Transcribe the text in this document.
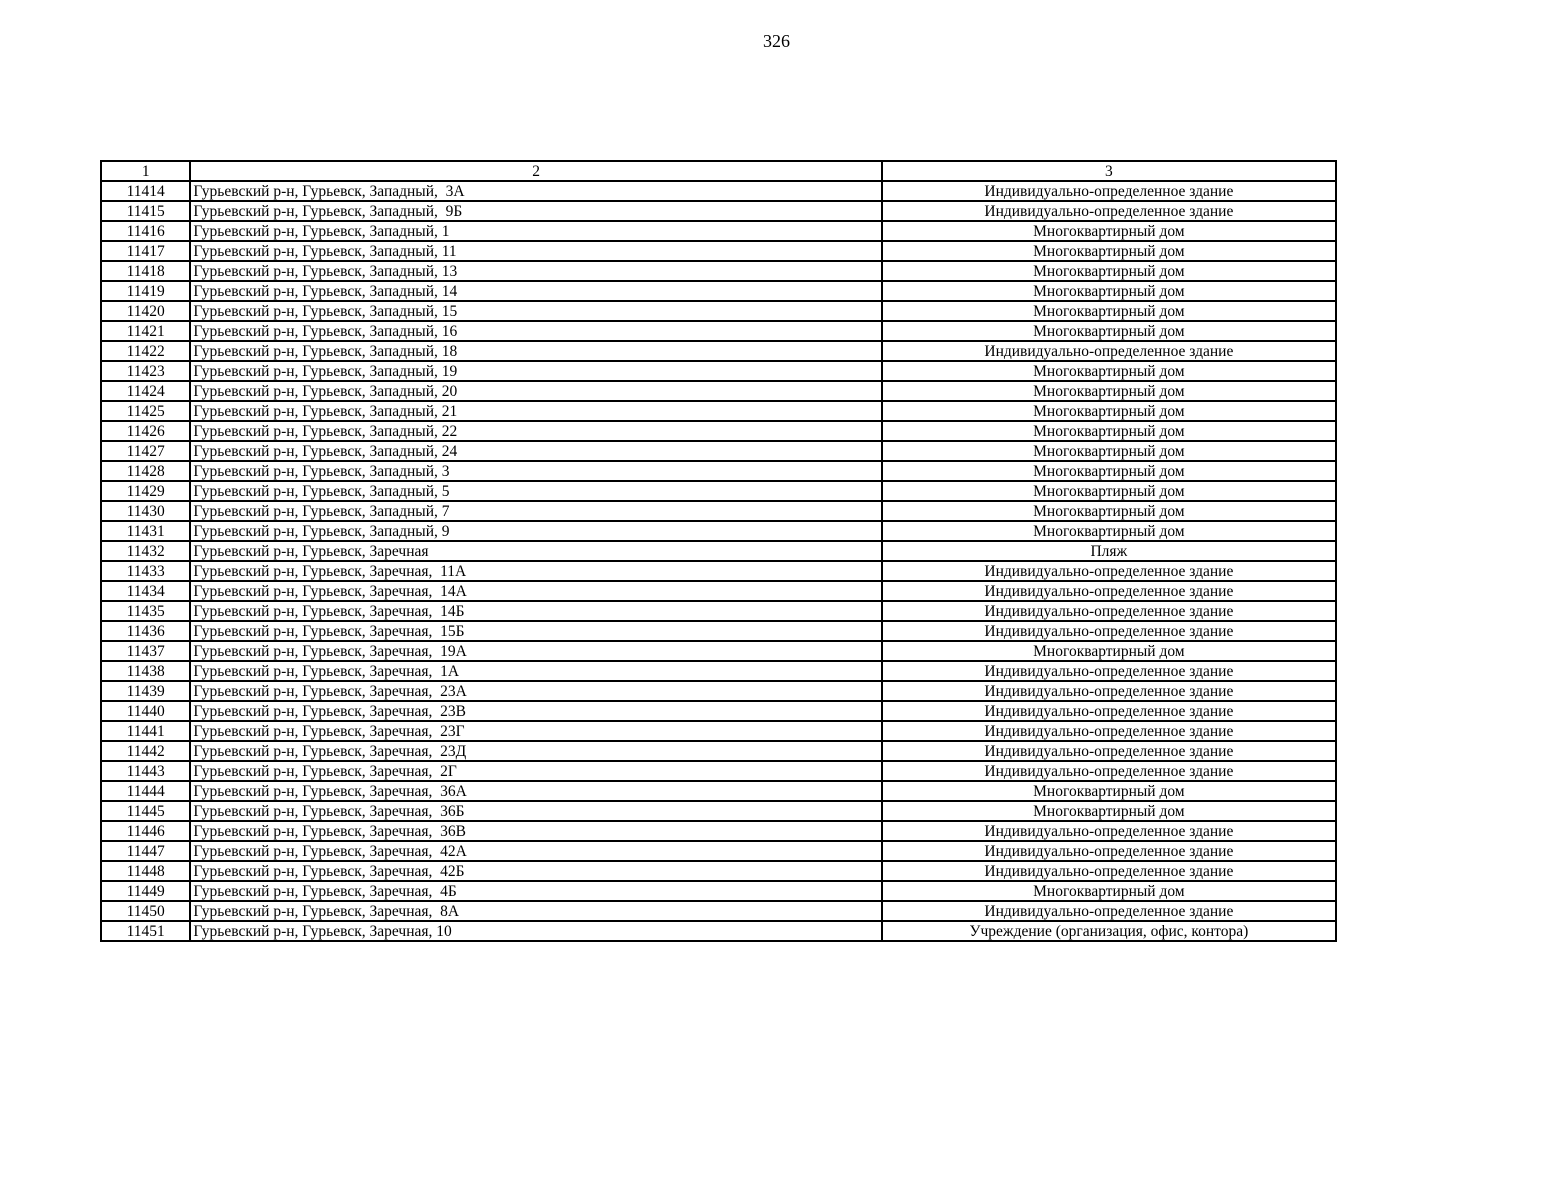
326
1	2	3
11414	Гурьевский р-н, Гурьевск, Западный,  3А	Индивидуально-определенное здание
11415	Гурьевский р-н, Гурьевск, Западный,  9Б	Индивидуально-определенное здание
11416	Гурьевский р-н, Гурьевск, Западный, 1	Многоквартирный дом
11417	Гурьевский р-н, Гурьевск, Западный, 11	Многоквартирный дом
11418	Гурьевский р-н, Гурьевск, Западный, 13	Многоквартирный дом
11419	Гурьевский р-н, Гурьевск, Западный, 14	Многоквартирный дом
11420	Гурьевский р-н, Гурьевск, Западный, 15	Многоквартирный дом
11421	Гурьевский р-н, Гурьевск, Западный, 16	Многоквартирный дом
11422	Гурьевский р-н, Гурьевск, Западный, 18	Индивидуально-определенное здание
11423	Гурьевский р-н, Гурьевск, Западный, 19	Многоквартирный дом
11424	Гурьевский р-н, Гурьевск, Западный, 20	Многоквартирный дом
11425	Гурьевский р-н, Гурьевск, Западный, 21	Многоквартирный дом
11426	Гурьевский р-н, Гурьевск, Западный, 22	Многоквартирный дом
11427	Гурьевский р-н, Гурьевск, Западный, 24	Многоквартирный дом
11428	Гурьевский р-н, Гурьевск, Западный, 3	Многоквартирный дом
11429	Гурьевский р-н, Гурьевск, Западный, 5	Многоквартирный дом
11430	Гурьевский р-н, Гурьевск, Западный, 7	Многоквартирный дом
11431	Гурьевский р-н, Гурьевск, Западный, 9	Многоквартирный дом
11432	Гурьевский р-н, Гурьевск, Заречная	Пляж
11433	Гурьевский р-н, Гурьевск, Заречная,  11А	Индивидуально-определенное здание
11434	Гурьевский р-н, Гурьевск, Заречная,  14А	Индивидуально-определенное здание
11435	Гурьевский р-н, Гурьевск, Заречная,  14Б	Индивидуально-определенное здание
11436	Гурьевский р-н, Гурьевск, Заречная,  15Б	Индивидуально-определенное здание
11437	Гурьевский р-н, Гурьевск, Заречная,  19А	Многоквартирный дом
11438	Гурьевский р-н, Гурьевск, Заречная,  1А	Индивидуально-определенное здание
11439	Гурьевский р-н, Гурьевск, Заречная,  23А	Индивидуально-определенное здание
11440	Гурьевский р-н, Гурьевск, Заречная,  23В	Индивидуально-определенное здание
11441	Гурьевский р-н, Гурьевск, Заречная,  23Г	Индивидуально-определенное здание
11442	Гурьевский р-н, Гурьевск, Заречная,  23Д	Индивидуально-определенное здание
11443	Гурьевский р-н, Гурьевск, Заречная,  2Г	Индивидуально-определенное здание
11444	Гурьевский р-н, Гурьевск, Заречная,  36А	Многоквартирный дом
11445	Гурьевский р-н, Гурьевск, Заречная,  36Б	Многоквартирный дом
11446	Гурьевский р-н, Гурьевск, Заречная,  36В	Индивидуально-определенное здание
11447	Гурьевский р-н, Гурьевск, Заречная,  42А	Индивидуально-определенное здание
11448	Гурьевский р-н, Гурьевск, Заречная,  42Б	Индивидуально-определенное здание
11449	Гурьевский р-н, Гурьевск, Заречная,  4Б	Многоквартирный дом
11450	Гурьевский р-н, Гурьевск, Заречная,  8А	Индивидуально-определенное здание
11451	Гурьевский р-н, Гурьевск, Заречная, 10	Учреждение (организация, офис, контора)
